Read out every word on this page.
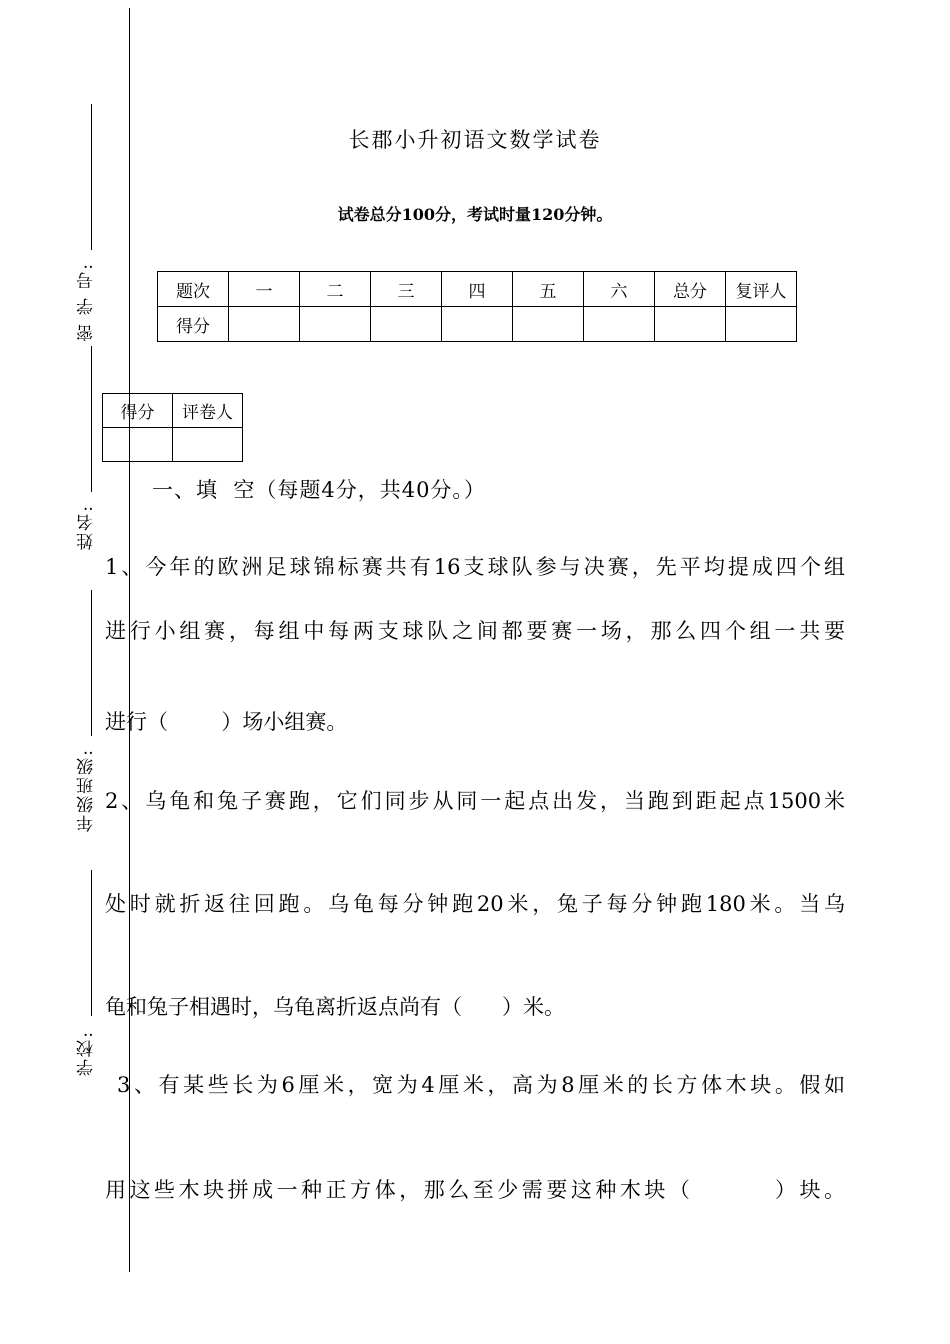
密 学 号:
姓名:
年级班级:
学校:
长郡小升初语文数学试卷
试卷总分100分，考试时量120分钟。
题次	一	二	三	四	五	六	总分	复评人
得分								
得分	评卷人

一、填  空（每题4分，共40分。）
1、今年的欧洲足球锦标赛共有16支球队参与决赛，先平均提成四个组
进行小组赛，每组中每两支球队之间都要赛一场，那么四个组一共要
进行（        ）场小组赛。
2、乌龟和兔子赛跑，它们同步从同一起点出发，当跑到距起点1500米
处时就折返往回跑。乌龟每分钟跑20米，兔子每分钟跑180米。当乌
龟和兔子相遇时，乌龟离折返点尚有（      ）米。
3、有某些长为6厘米，宽为4厘米，高为8厘米的长方体木块。假如
用这些木块拼成一种正方体，那么至少需要这种木块（        ）块。
